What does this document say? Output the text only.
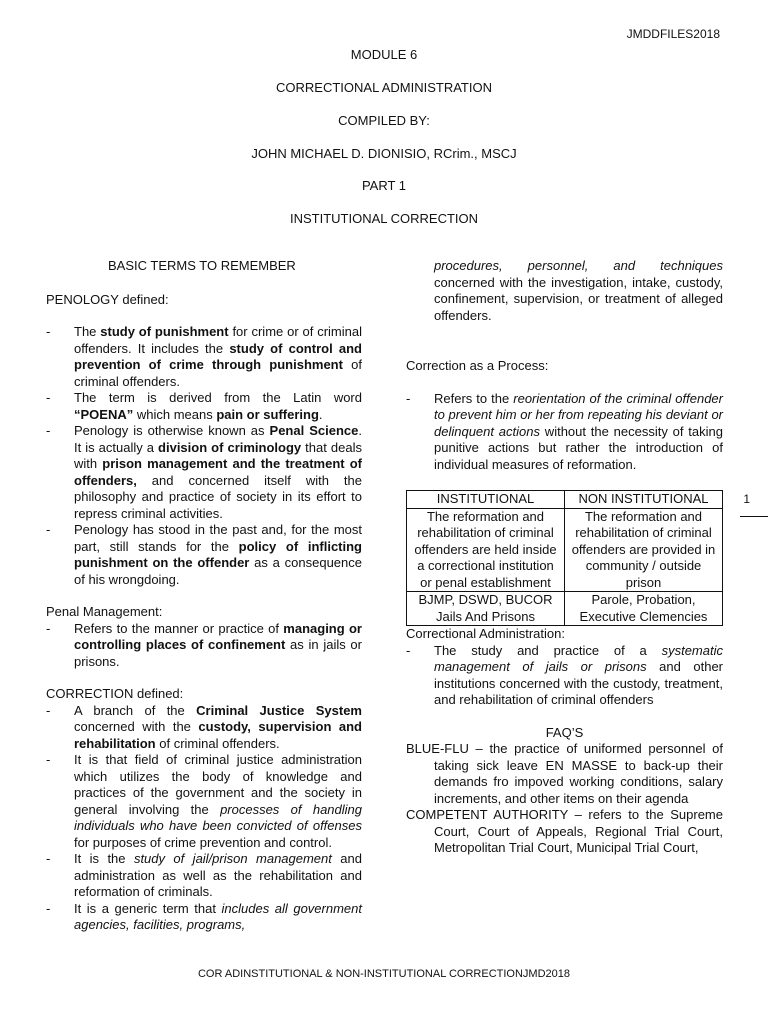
JMDDFILES2018
MODULE 6
CORRECTIONAL ADMINISTRATION
COMPILED BY:
JOHN MICHAEL D. DIONISIO, RCrim., MSCJ
PART 1
INSTITUTIONAL CORRECTION

BASIC TERMS TO REMEMBER

PENOLOGY defined:

- The study of punishment for crime or of criminal offenders. It includes the study of control and prevention of crime through punishment of criminal offenders.
- The term is derived from the Latin word “POENA” which means pain or suffering.
- Penology is otherwise known as Penal Science. It is actually a division of criminology that deals with prison management and the treatment of offenders, and concerned itself with the philosophy and practice of society in its effort to repress criminal activities.
- Penology has stood in the past and, for the most part, still stands for the policy of inflicting punishment on the offender as a consequence of his wrongdoing.

Penal Management:

- Refers to the manner or practice of managing or controlling places of confinement as in jails or prisons.

CORRECTION defined:

- A branch of the Criminal Justice System concerned with the custody, supervision and rehabilitation of criminal offenders.
- It is that field of criminal justice administration which utilizes the body of knowledge and practices of the government and the society in general involving the processes of handling individuals who have been convicted of offenses for purposes of crime prevention and control.
- It is the study of jail/prison management and administration as well as the rehabilitation and reformation of criminals.
- It is a generic term that includes all government agencies, facilities, programs,

procedures, personnel, and techniques concerned with the investigation, intake, custody, confinement, supervision, or treatment of alleged offenders.

Correction as a Process:

- Refers to the reorientation of the criminal offender to prevent him or her from repeating his deviant or delinquent actions without the necessity of taking punitive actions but rather the introduction of individual measures of reformation.
INSTITUTIONAL	NON INSTITUTIONAL
The reformation and rehabilitation of criminal offenders are held inside a correctional institution or penal establishment	The reformation and rehabilitation of criminal offenders are provided in community / outside prison
BJMP, DSWD, BUCOR Jails And Prisons	Parole, Probation, Executive Clemencies

Correctional Administration:

- The study and practice of a systematic management of jails or prisons and other institutions concerned with the custody, treatment, and rehabilitation of criminal offenders

FAQ’S

BLUE-FLU – the practice of uniformed personnel of taking sick leave EN MASSE to back-up their demands fro impoved working conditions, salary increments, and other items on their agenda

COMPETENT AUTHORITY – refers to the Supreme Court, Court of Appeals, Regional Trial Court, Metropolitan Trial Court, Municipal Trial Court,

1
COR ADINSTITUTIONAL & NON-INSTITUTIONAL CORRECTIONJMD2018
